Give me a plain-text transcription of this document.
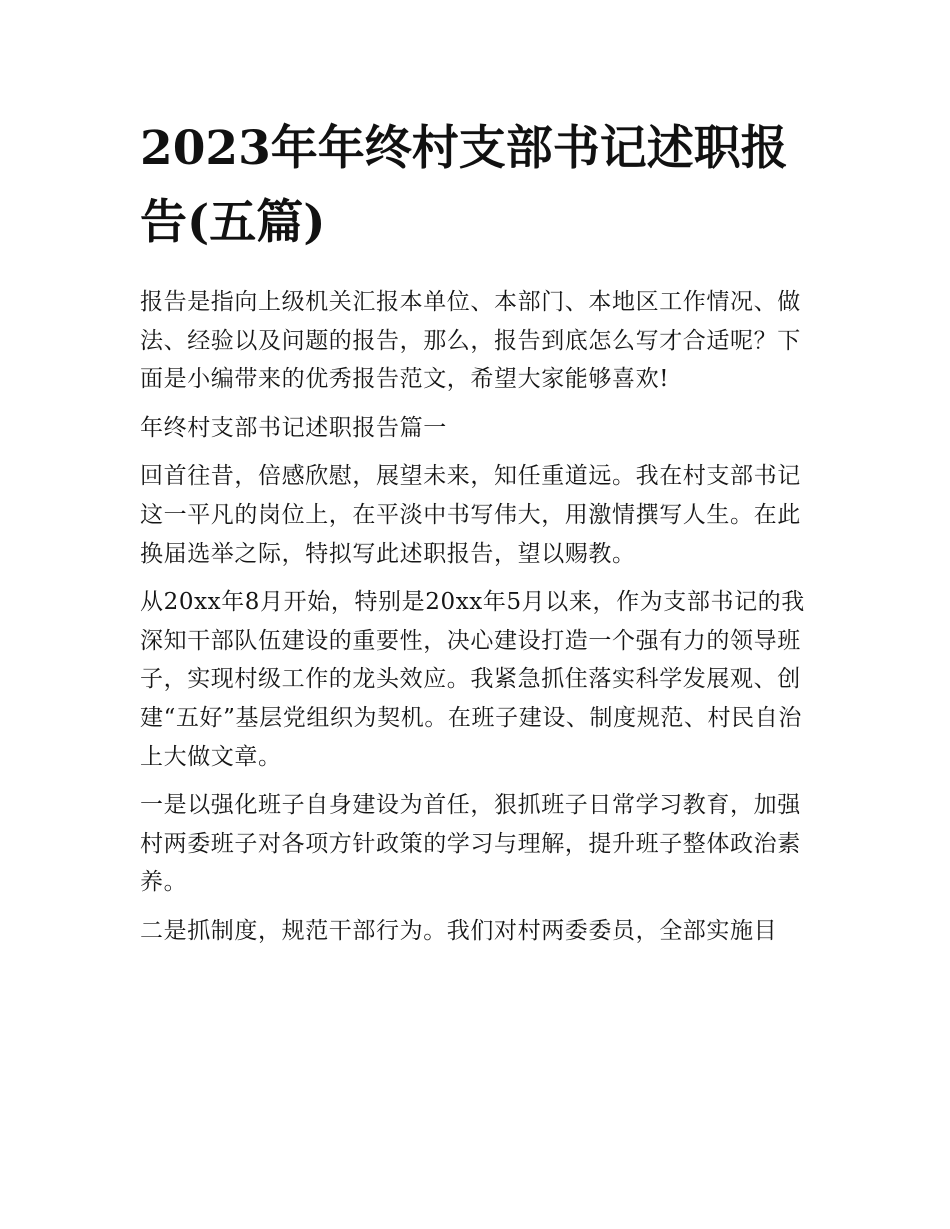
2023年年终村支部书记述职报告(五篇)

报告是指向上级机关汇报本单位、本部门、本地区工作情况、做法、经验以及问题的报告，那么，报告到底怎么写才合适呢？下面是小编带来的优秀报告范文，希望大家能够喜欢!

年终村支部书记述职报告篇一

回首往昔，倍感欣慰，展望未来，知任重道远。我在村支部书记这一平凡的岗位上，在平淡中书写伟大，用激情撰写人生。在此换届选举之际，特拟写此述职报告，望以赐教。

从20xx年8月开始，特别是20xx年5月以来，作为支部书记的我深知干部队伍建设的重要性，决心建设打造一个强有力的领导班子，实现村级工作的龙头效应。我紧急抓住落实科学发展观、创建“五好”基层党组织为契机。在班子建设、制度规范、村民自治上大做文章。

一是以强化班子自身建设为首任，狠抓班子日常学习教育，加强村两委班子对各项方针政策的学习与理解，提升班子整体政治素养。

二是抓制度，规范干部行为。我们对村两委委员，全部实施目
